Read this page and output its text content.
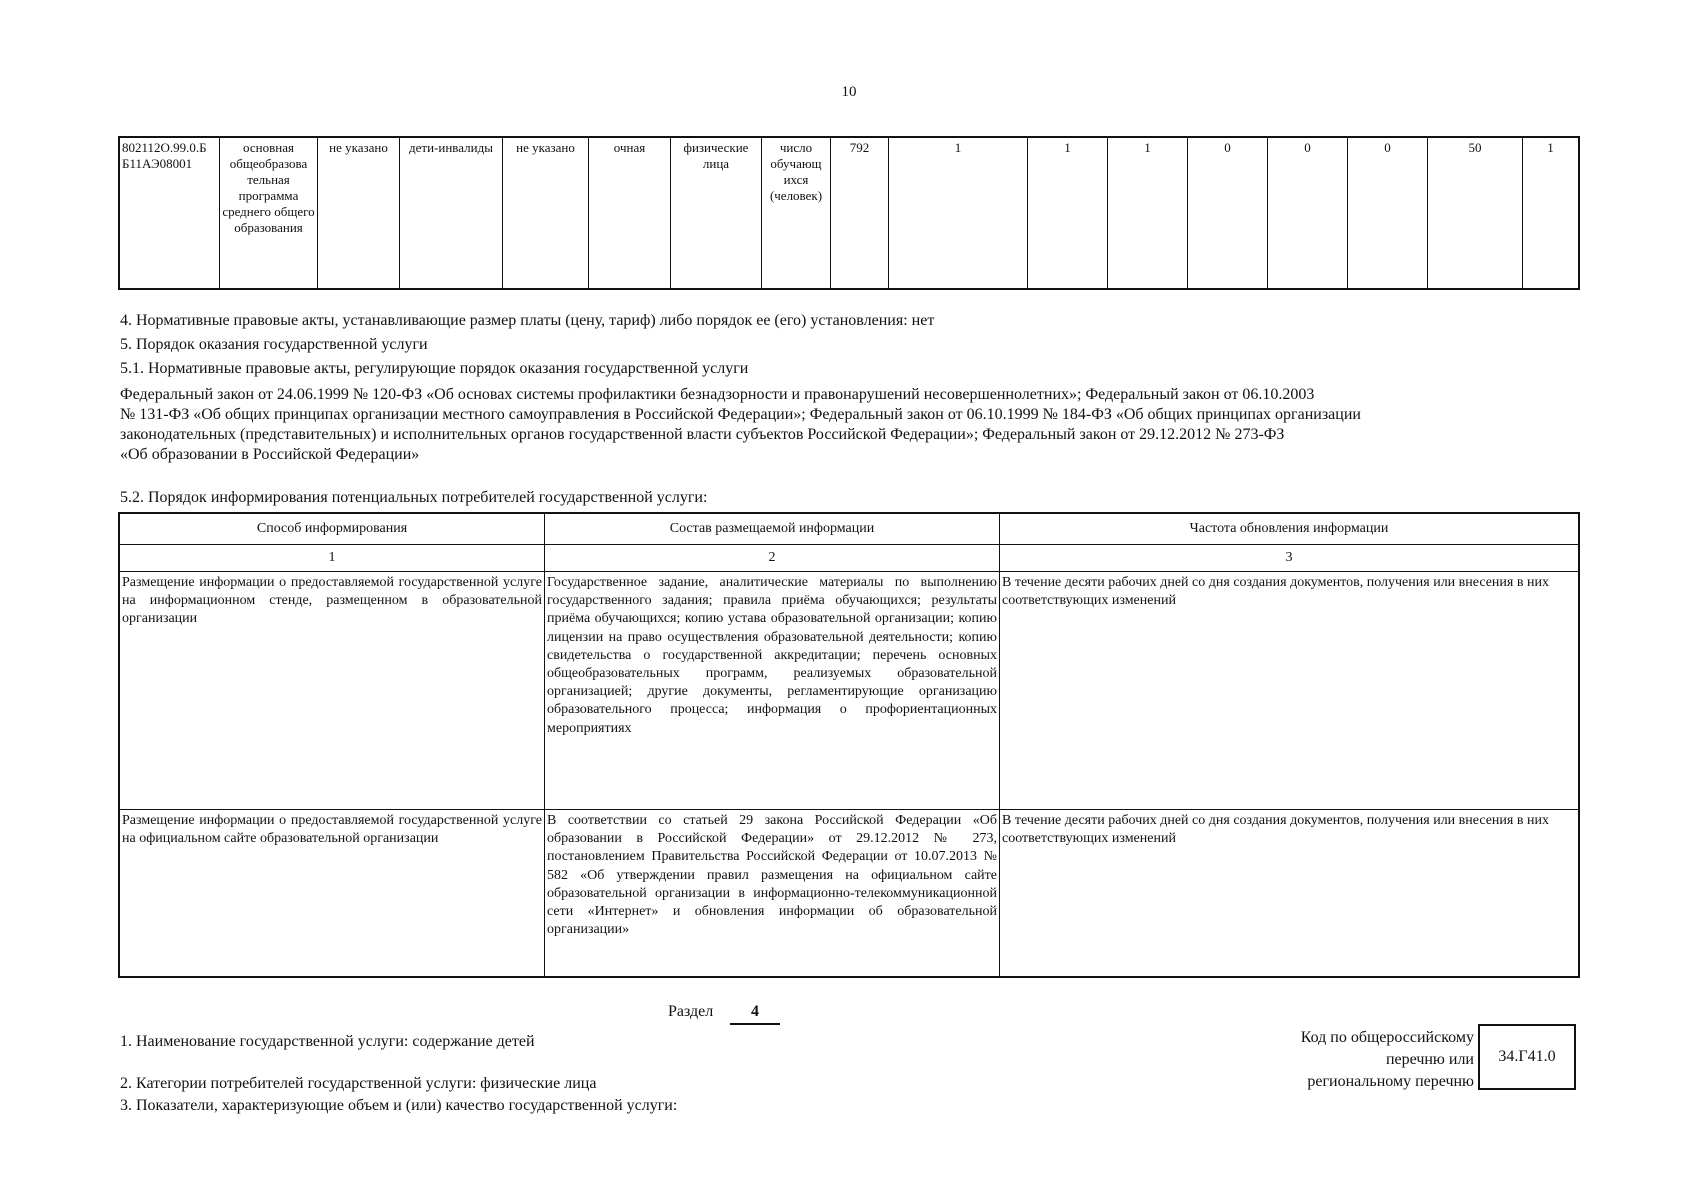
10
802112О.99.0.Б Б11АЭ08001	основная общеобразова тельная программа среднего общего образования	не указано	дети-инвалиды	не указано	очная	физические лица	число обучающ ихся (человек)	792	1	1	1	0	0	0	50	1
4. Нормативные правовые акты, устанавливающие размер платы (цену, тариф) либо порядок ее (его) установления: нет
5. Порядок оказания государственной услуги
5.1. Нормативные правовые акты, регулирующие порядок оказания государственной услуги
Федеральный закон от 24.06.1999 № 120-ФЗ «Об основах системы профилактики безнадзорности и правонарушений несовершеннолетних»; Федеральный закон от 06.10.2003
№ 131-ФЗ «Об общих принципах организации местного самоуправления в Российской Федерации»; Федеральный закон от 06.10.1999 № 184-ФЗ «Об общих принципах организации
законодательных (представительных) и исполнительных органов государственной власти субъектов Российской Федерации»; Федеральный закон от 29.12.2012 № 273-ФЗ
«Об образовании в Российской Федерации»
5.2. Порядок информирования потенциальных потребителей государственной услуги:
Способ информирования	Состав размещаемой информации	Частота обновления информации
1	2	3
Размещение информации о предоставляемой государственной услуге на информационном стенде, размещенном в образовательной организации	Государственное задание, аналитические материалы по выполнению государственного задания; правила приёма обучающихся; результаты приёма обучающихся; копию устава образовательной организации; копию лицензии на право осуществления образовательной деятельности; копию свидетельства о государственной аккредитации; перечень основных общеобразовательных программ, реализуемых образовательной организацией; другие документы, регламентирующие организацию образовательного процесса; информация о профориентационных мероприятиях	В течение десяти рабочих дней со дня создания документов, получения или внесения в них соответствующих изменений
Размещение информации о предоставляемой государственной услуге на официальном сайте образовательной организации	В соответствии со статьей 29 закона Российской Федерации «Об образовании в Российской Федерации» от 29.12.2012 № 273, постановлением Правительства Российской Федерации от 10.07.2013 № 582 «Об утверждении правил размещения на официальном сайте образовательной организации в информационно-телекоммуникационной сети «Интернет» и обновления информации об образовательной организации»	В течение десяти рабочих дней со дня создания документов, получения или внесения в них соответствующих изменений
Раздел	4
1. Наименование государственной услуги: содержание детей
2. Категории потребителей государственной услуги: физические лица
3. Показатели, характеризующие объем и (или) качество государственной услуги:
Код по общероссийскому
перечню или
региональному перечню
34.Г41.0
